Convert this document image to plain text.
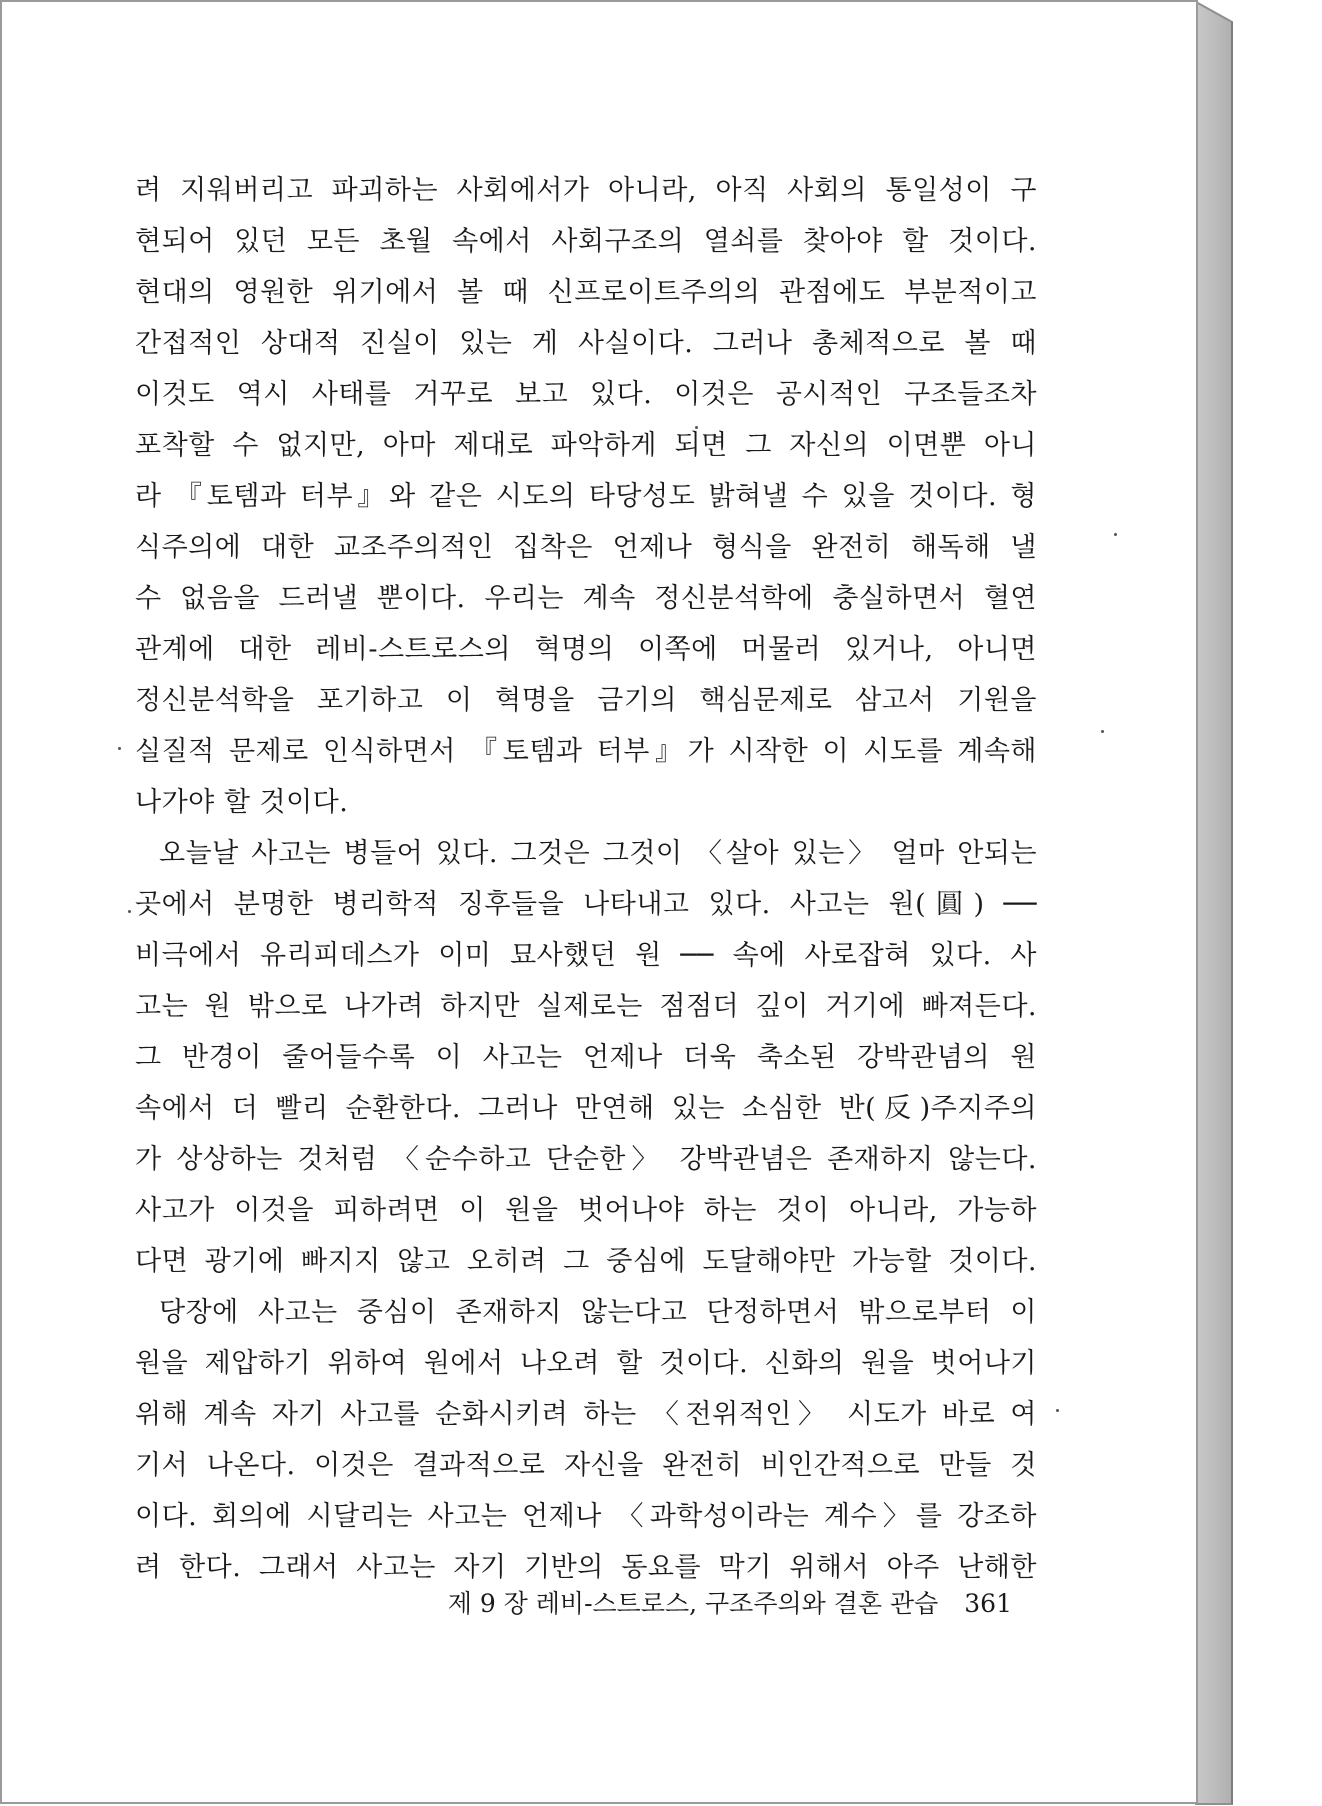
려 지워버리고 파괴하는 사회에서가 아니라, 아직 사회의 통일성이 구
현되어 있던 모든 초월 속에서 사회구조의 열쇠를 찾아야 할 것이다.
현대의 영원한 위기에서 볼 때 신프로이트주의의 관점에도 부분적이고
간접적인 상대적 진실이 있는 게 사실이다. 그러나 총체적으로 볼 때
이것도 역시 사태를 거꾸로 보고 있다. 이것은 공시적인 구조들조차
포착할 수 없지만, 아마 제대로 파악하게 되면 그 자신의 이면뿐 아니
라 『토템과 터부』와 같은 시도의 타당성도 밝혀낼 수 있을 것이다. 형
식주의에 대한 교조주의적인 집착은 언제나 형식을 완전히 해독해 낼
수 없음을 드러낼 뿐이다. 우리는 계속 정신분석학에 충실하면서 혈연
관계에 대한 레비-스트로스의 혁명의 이쪽에 머물러 있거나, 아니면
정신분석학을 포기하고 이 혁명을 금기의 핵심문제로 삼고서 기원을
실질적 문제로 인식하면서 『토템과 터부』가 시작한 이 시도를 계속해
나가야 할 것이다.
오늘날 사고는 병들어 있다. 그것은 그것이 〈살아 있는〉 얼마 안되는
곳에서 분명한 병리학적 징후들을 나타내고 있다. 사고는 원(圓) ──
비극에서 유리피데스가 이미 묘사했던 원 ── 속에 사로잡혀 있다. 사
고는 원 밖으로 나가려 하지만 실제로는 점점더 깊이 거기에 빠져든다.
그 반경이 줄어들수록 이 사고는 언제나 더욱 축소된 강박관념의 원
속에서 더 빨리 순환한다. 그러나 만연해 있는 소심한 반(反)주지주의
가 상상하는 것처럼 〈순수하고 단순한〉 강박관념은 존재하지 않는다.
사고가 이것을 피하려면 이 원을 벗어나야 하는 것이 아니라, 가능하
다면 광기에 빠지지 않고 오히려 그 중심에 도달해야만 가능할 것이다.
당장에 사고는 중심이 존재하지 않는다고 단정하면서 밖으로부터 이
원을 제압하기 위하여 원에서 나오려 할 것이다. 신화의 원을 벗어나기
위해 계속 자기 사고를 순화시키려 하는 〈전위적인〉 시도가 바로 여
기서 나온다. 이것은 결과적으로 자신을 완전히 비인간적으로 만들 것
이다. 회의에 시달리는 사고는 언제나 〈과학성이라는 계수〉를 강조하
려 한다. 그래서 사고는 자기 기반의 동요를 막기 위해서 아주 난해한
제 9 장 레비-스트로스, 구조주의와 결혼 관습 361
